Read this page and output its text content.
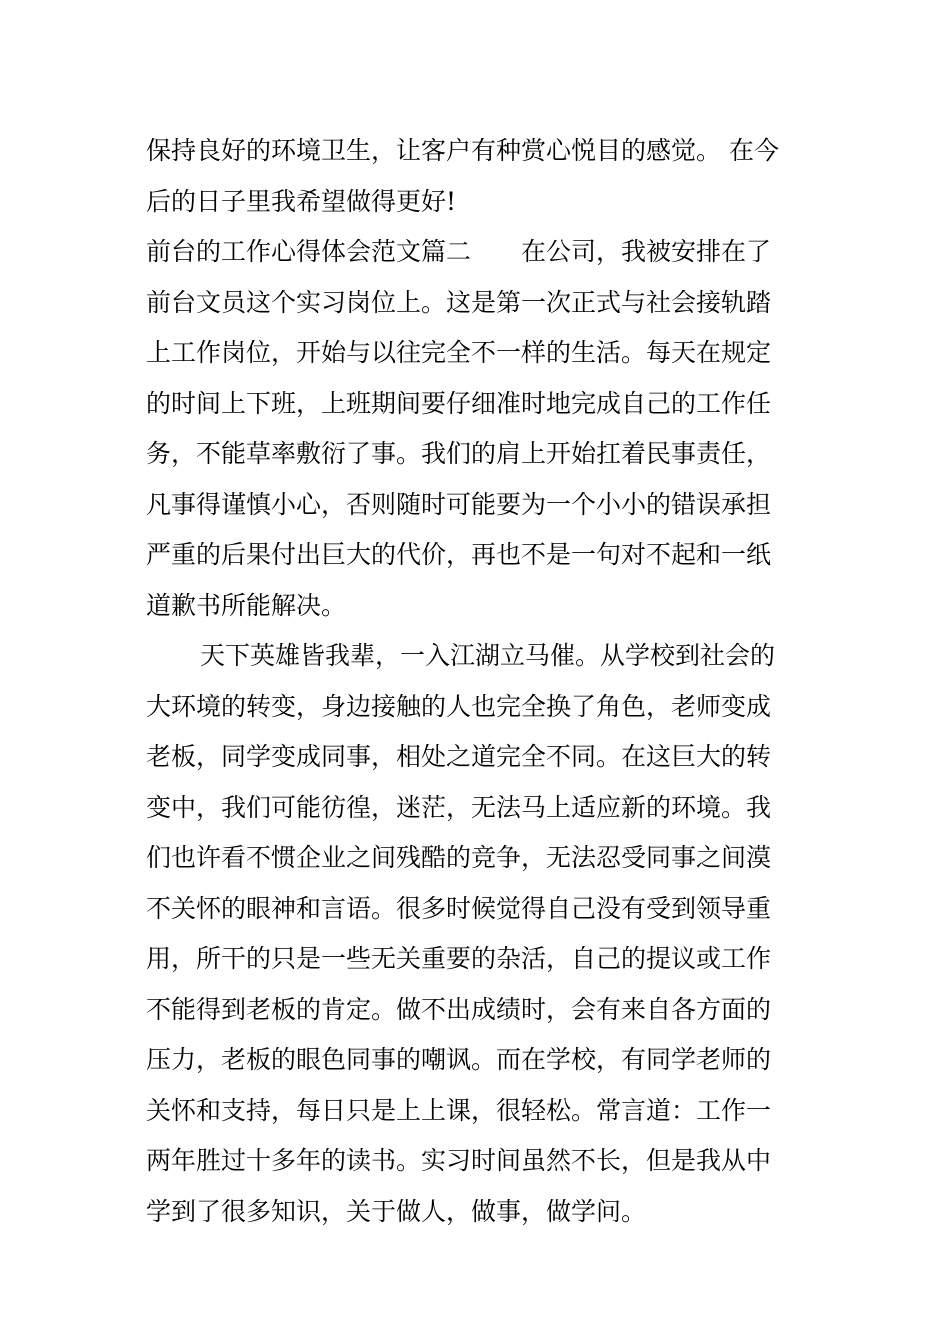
保持良好的环境卫生，让客户有种赏心悦目的感觉。 在今
后的日子里我希望做得更好!
前台的工作心得体会范文篇二　　在公司，我被安排在了
前台文员这个实习岗位上。这是第一次正式与社会接轨踏
上工作岗位，开始与以往完全不一样的生活。每天在规定
的时间上下班，上班期间要仔细准时地完成自己的工作任
务，不能草率敷衍了事。我们的肩上开始扛着民事责任，
凡事得谨慎小心，否则随时可能要为一个小小的错误承担
严重的后果付出巨大的代价，再也不是一句对不起和一纸
道歉书所能解决。
天下英雄皆我辈，一入江湖立马催。从学校到社会的
大环境的转变，身边接触的人也完全换了角色，老师变成
老板，同学变成同事，相处之道完全不同。在这巨大的转
变中，我们可能彷徨，迷茫，无法马上适应新的环境。我
们也许看不惯企业之间残酷的竞争，无法忍受同事之间漠
不关怀的眼神和言语。很多时候觉得自己没有受到领导重
用，所干的只是一些无关重要的杂活，自己的提议或工作
不能得到老板的肯定。做不出成绩时，会有来自各方面的
压力，老板的眼色同事的嘲讽。而在学校，有同学老师的
关怀和支持，每日只是上上课，很轻松。常言道：工作一
两年胜过十多年的读书。实习时间虽然不长，但是我从中
学到了很多知识，关于做人，做事，做学问。
